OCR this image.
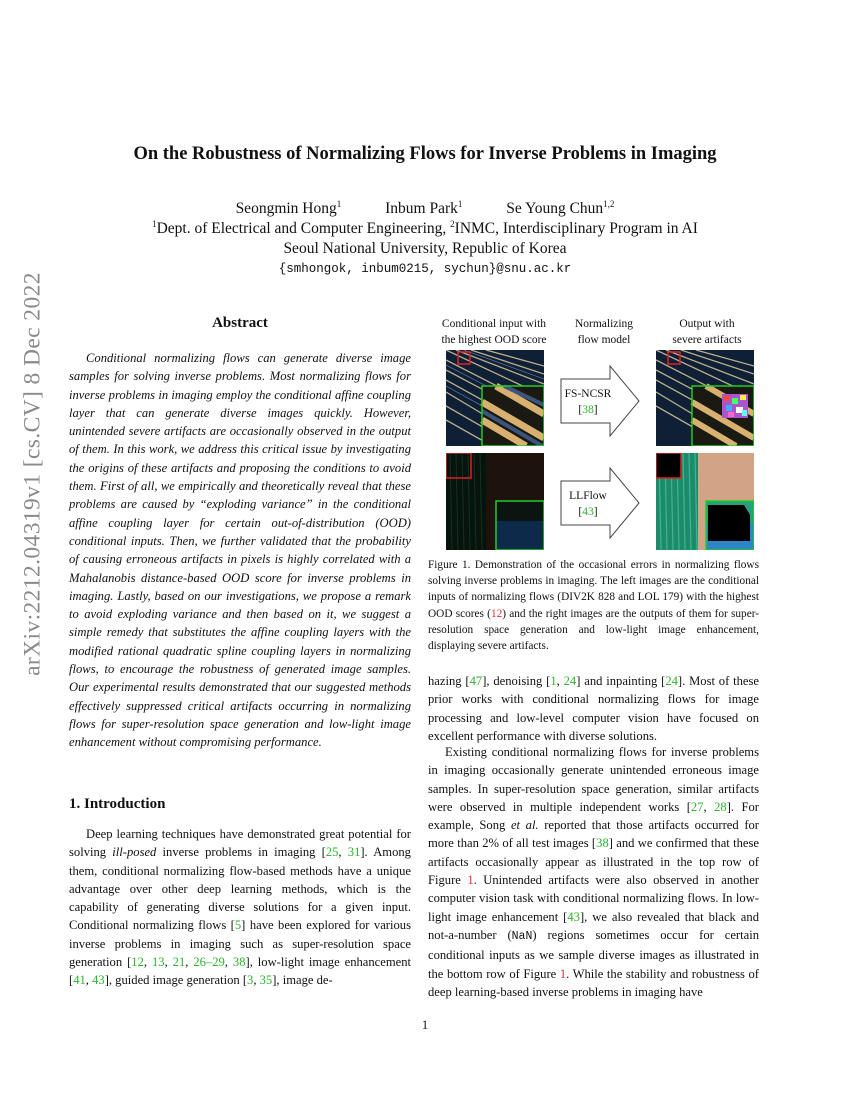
arXiv:2212.04319v1 [cs.CV] 8 Dec 2022
On the Robustness of Normalizing Flows for Inverse Problems in Imaging
Seongmin Hong$^1$	Inbum Park$^1$	Se Young Chun$^{1,2}$
$^1$Dept. of Electrical and Computer Engineering, $^2$INMC, Interdisciplinary Program in AI
Seoul National University, Republic of Korea
{smhongok, inbum0215, sychun}@snu.ac.kr
Abstract
Conditional normalizing flows can generate diverse image samples for solving inverse problems. Most normalizing flows for inverse problems in imaging employ the conditional affine coupling layer that can generate diverse images quickly. However, unintended severe artifacts are occasionally observed in the output of them. In this work, we address this critical issue by investigating the origins of these artifacts and proposing the conditions to avoid them. First of all, we empirically and theoretically reveal that these problems are caused by “exploding variance” in the conditional affine coupling layer for certain out-of-distribution (OOD) conditional inputs. Then, we further validated that the probability of causing erroneous artifacts in pixels is highly correlated with a Mahalanobis distance-based OOD score for inverse problems in imaging. Lastly, based on our investigations, we propose a remark to avoid exploding variance and then based on it, we suggest a simple remedy that substitutes the affine coupling layers with the modified rational quadratic spline coupling layers in normalizing flows, to encourage the robustness of generated image samples. Our experimental results demonstrated that our suggested methods effectively suppressed critical artifacts occurring in normalizing flows for super-resolution space generation and low-light image enhancement without compromising performance.
1. Introduction
Deep learning techniques have demonstrated great potential for solving ill-posed inverse problems in imaging [25, 31]. Among them, conditional normalizing flow-based methods have a unique advantage over other deep learning methods, which is the capability of generating diverse solutions for a given input. Conditional normalizing flows [5] have been explored for various inverse problems in imaging such as super-resolution space generation [12, 13, 21, 26–29, 38], low-light image enhancement [41, 43], guided image generation [3, 35], image de-
Conditional input with
the highest OOD score
Normalizing
flow model
Output with
severe artifacts
FS-NCSR
[38]
LLFlow
[43]
Figure 1. Demonstration of the occasional errors in normalizing flows solving inverse problems in imaging. The left images are the conditional inputs of normalizing flows (DIV2K 828 and LOL 179) with the highest OOD scores (12) and the right images are the outputs of them for super-resolution space generation and low-light image enhancement, displaying severe artifacts.
hazing [47], denoising [1, 24] and inpainting [24]. Most of these prior works with conditional normalizing flows for image processing and low-level computer vision have focused on excellent performance with diverse solutions.
Existing conditional normalizing flows for inverse problems in imaging occasionally generate unintended erroneous image samples. In super-resolution space generation, similar artifacts were observed in multiple independent works [27, 28]. For example, Song et al. reported that those artifacts occurred for more than 2% of all test images [38] and we confirmed that these artifacts occasionally appear as illustrated in the top row of Figure 1. Unintended artifacts were also observed in another computer vision task with conditional normalizing flows. In low-light image enhancement [43], we also revealed that black and not-a-number (NaN) regions sometimes occur for certain conditional inputs as we sample diverse images as illustrated in the bottom row of Figure 1. While the stability and robustness of deep learning-based inverse problems in imaging have
1
